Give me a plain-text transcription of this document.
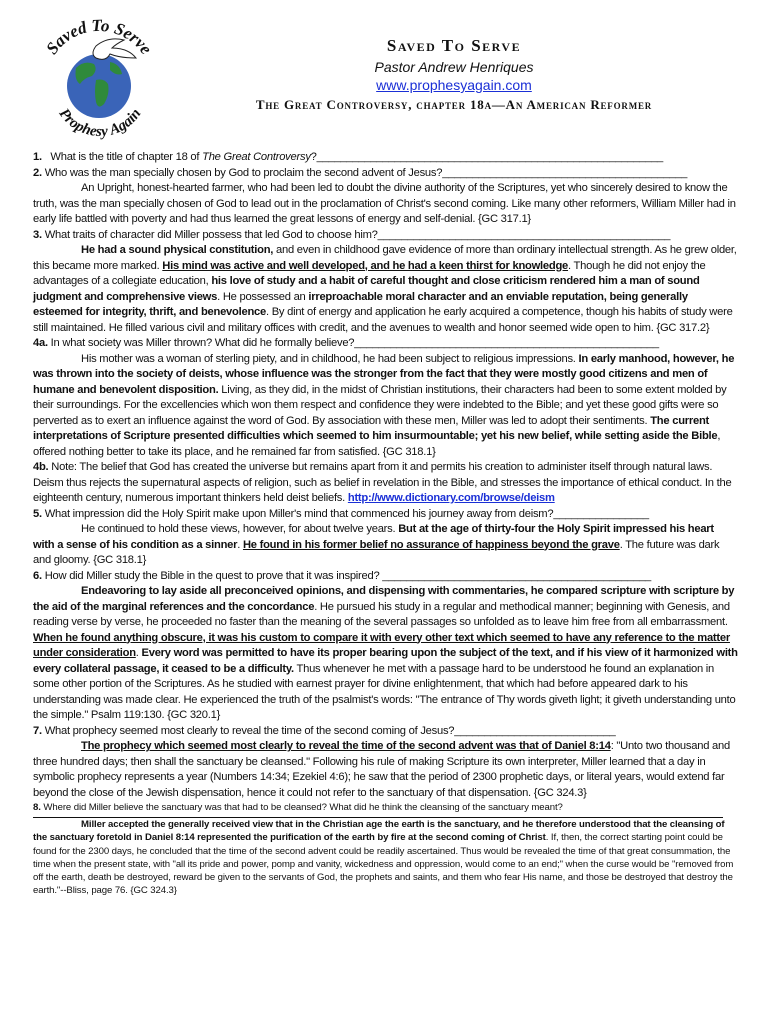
Saved To Serve
Prophesy Again
Saved To Serve
Pastor Andrew Henriques
www.prophesyagain.com
The Great Controversy, chapter 18a—An American Reformer

1. What is the title of chapter 18 of The Great Controversy?__________________________________________________________

2. Who was the man specially chosen by God to proclaim the second advent of Jesus?_________________________________________

An Upright, honest-hearted farmer, who had been led to doubt the divine authority of the Scriptures, yet who sincerely desired to know the truth, was the man specially chosen of God to lead out in the proclamation of Christ's second coming. Like many other reformers, William Miller had in early life battled with poverty and had thus learned the great lessons of energy and self-denial. {GC 317.1}

3. What traits of character did Miller possess that led God to choose him?_________________________________________________

He had a sound physical constitution, and even in childhood gave evidence of more than ordinary intellectual strength. As he grew older, this became more marked. His mind was active and well developed, and he had a keen thirst for knowledge. Though he did not enjoy the advantages of a collegiate education, his love of study and a habit of careful thought and close criticism rendered him a man of sound judgment and comprehensive views. He possessed an irreproachable moral character and an enviable reputation, being generally esteemed for integrity, thrift, and benevolence. By dint of energy and application he early acquired a competence, though his habits of study were still maintained. He filled various civil and military offices with credit, and the avenues to wealth and honor seemed wide open to him. {GC 317.2}

4a. In what society was Miller thrown? What did he formally believe?___________________________________________________

His mother was a woman of sterling piety, and in childhood, he had been subject to religious impressions. In early manhood, however, he was thrown into the society of deists, whose influence was the stronger from the fact that they were mostly good citizens and men of humane and benevolent disposition. Living, as they did, in the midst of Christian institutions, their characters had been to some extent molded by their surroundings. For the excellencies which won them respect and confidence they were indebted to the Bible; and yet these good gifts were so perverted as to exert an influence against the word of God. By association with these men, Miller was led to adopt their sentiments. The current interpretations of Scripture presented difficulties which seemed to him insurmountable; yet his new belief, while setting aside the Bible, offered nothing better to take its place, and he remained far from satisfied. {GC 318.1}

4b. Note: The belief that God has created the universe but remains apart from it and permits his creation to administer itself through natural laws. Deism thus rejects the supernatural aspects of religion, such as belief in revelation in the Bible, and stresses the importance of ethical conduct. In the eighteenth century, numerous important thinkers held deist beliefs. http://www.dictionary.com/browse/deism

5. What impression did the Holy Spirit make upon Miller's mind that commenced his journey away from deism?________________

He continued to hold these views, however, for about twelve years. But at the age of thirty-four the Holy Spirit impressed his heart with a sense of his condition as a sinner. He found in his former belief no assurance of happiness beyond the grave. The future was dark and gloomy. {GC 318.1}

6. How did Miller study the Bible in the quest to prove that it was inspired? _____________________________________________

Endeavoring to lay aside all preconceived opinions, and dispensing with commentaries, he compared scripture with scripture by the aid of the marginal references and the concordance. He pursued his study in a regular and methodical manner; beginning with Genesis, and reading verse by verse, he proceeded no faster than the meaning of the several passages so unfolded as to leave him free from all embarrassment. When he found anything obscure, it was his custom to compare it with every other text which seemed to have any reference to the matter under consideration. Every word was permitted to have its proper bearing upon the subject of the text, and if his view of it harmonized with every collateral passage, it ceased to be a difficulty. Thus whenever he met with a passage hard to be understood he found an explanation in some other portion of the Scriptures. As he studied with earnest prayer for divine enlightenment, that which had before appeared dark to his understanding was made clear. He experienced the truth of the psalmist's words: "The entrance of Thy words giveth light; it giveth understanding unto the simple." Psalm 119:130. {GC 320.1}

7. What prophecy seemed most clearly to reveal the time of the second coming of Jesus?___________________________

The prophecy which seemed most clearly to reveal the time of the second advent was that of Daniel 8:14: "Unto two thousand and three hundred days; then shall the sanctuary be cleansed." Following his rule of making Scripture its own interpreter, Miller learned that a day in symbolic prophecy represents a year (Numbers 14:34; Ezekiel 4:6); he saw that the period of 2300 prophetic days, or literal years, would extend far beyond the close of the Jewish dispensation, hence it could not refer to the sanctuary of that dispensation. {GC 324.3}

8. Where did Miller believe the sanctuary was that had to be cleansed? What did he think the cleansing of the sanctuary meant?

Miller accepted the generally received view that in the Christian age the earth is the sanctuary, and he therefore understood that the cleansing of the sanctuary foretold in Daniel 8:14 represented the purification of the earth by fire at the second coming of Christ. If, then, the correct starting point could be found for the 2300 days, he concluded that the time of the second advent could be readily ascertained. Thus would be revealed the time of that great consummation, the time when the present state, with "all its pride and power, pomp and vanity, wickedness and oppression, would come to an end;" when the curse would be "removed from off the earth, death be destroyed, reward be given to the servants of God, the prophets and saints, and them who fear His name, and those be destroyed that destroy the earth."--Bliss, page 76. {GC 324.3}
